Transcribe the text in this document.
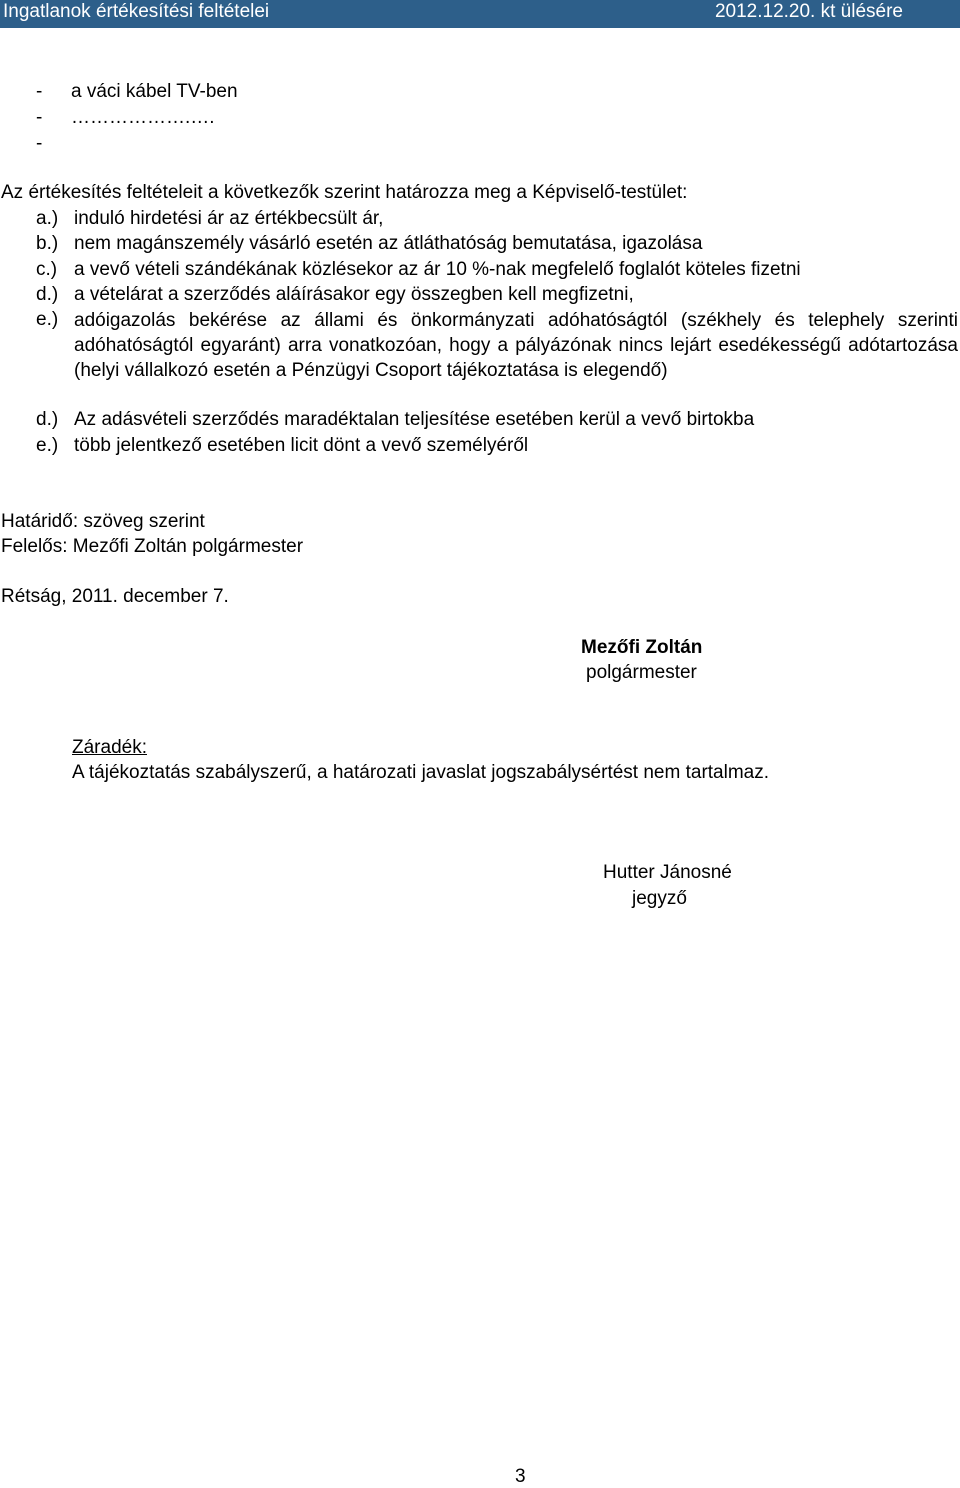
Ingatlanok értékesítési feltételei	2012.12.20. kt ülésére
- a váci kábel TV-ben
- ……………….….
-
Az értékesítés feltételeit a következők szerint határozza meg a Képviselő-testület:
a.) induló hirdetési ár az értékbecsült ár,
b.) nem magánszemély vásárló esetén az átláthatóság bemutatása, igazolása
c.) a vevő vételi szándékának közlésekor az ár 10 %-nak megfelelő foglalót köteles fizetni
d.) a vételárat a szerződés aláírásakor egy összegben kell megfizetni,
e.) adóigazolás bekérése az állami és önkormányzati adóhatóságtól (székhely és telephely szerinti adóhatóságtól egyaránt) arra vonatkozóan, hogy a pályázónak nincs lejárt esedékességű adótartozása (helyi vállalkozó esetén a Pénzügyi Csoport tájékoztatása is elegendő)
d.) Az adásvételi szerződés maradéktalan teljesítése esetében kerül a vevő birtokba
e.) több jelentkező esetében licit dönt a vevő személyéről
Határidő: szöveg szerint
Felelős: Mezőfi Zoltán polgármester
Rétság, 2011. december 7.
Mezőfi Zoltán
polgármester
Záradék:
A tájékoztatás szabályszerű, a határozati javaslat jogszabálysértést nem tartalmaz.
Hutter Jánosné
jegyző
3
